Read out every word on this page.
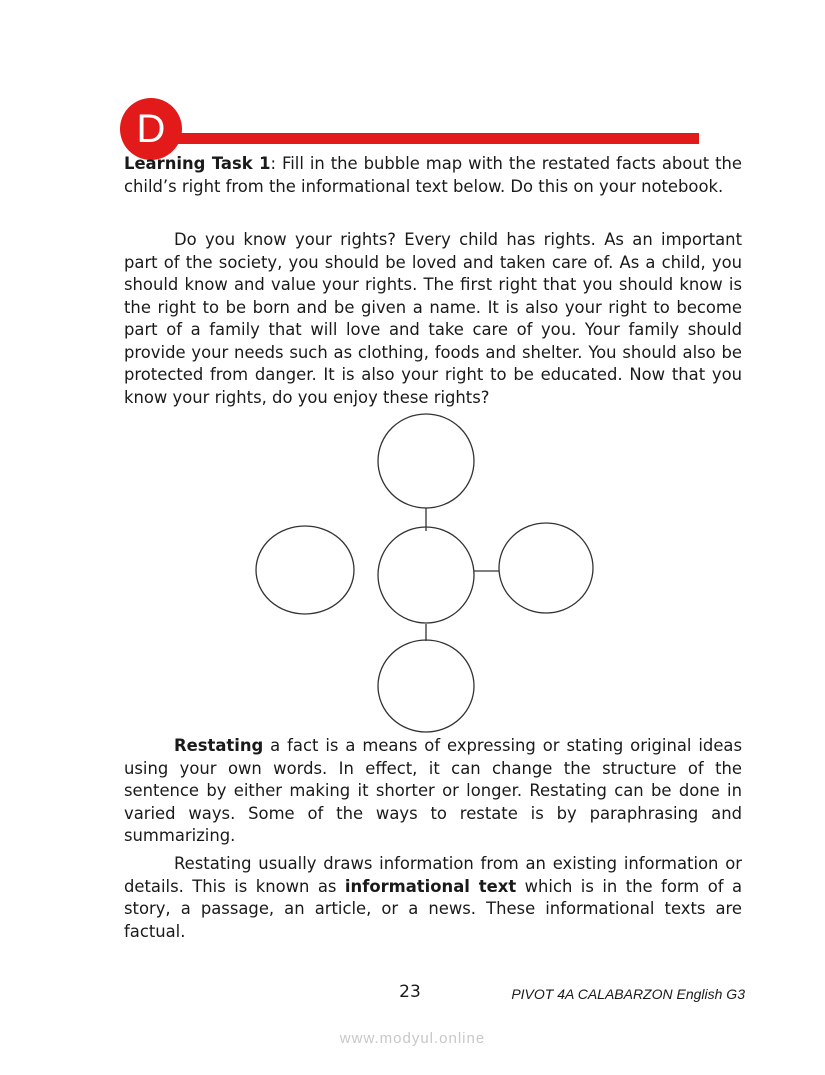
D

Learning Task 1: Fill in the bubble map with the restated facts about the child’s right from the informational text below. Do this on your notebook.

Do you know your rights? Every child has rights. As an important part of the society, you should be loved and taken care of. As a child, you should know and value your rights. The first right that you should know is the right to be born and be given a name. It is also your right to become part of a family that will love and take care of you. Your family should provide your needs such as clothing, foods and shelter. You should also be protected from danger. It is also your right to be educated. Now that you know your rights, do you enjoy these rights?

Restating a fact is a means of expressing or stating original ideas using your own words. In effect, it can change the structure of the sentence by either making it shorter or longer. Restating can be done in varied ways. Some of the ways to restate is by paraphrasing and summarizing.

Restating usually draws information from an existing information or details. This is known as informational text which is in the form of a story, a passage, an article, or a news. These informational texts are factual.

23	PIVOT 4A CALABARZON English G3
www.modyul.online
